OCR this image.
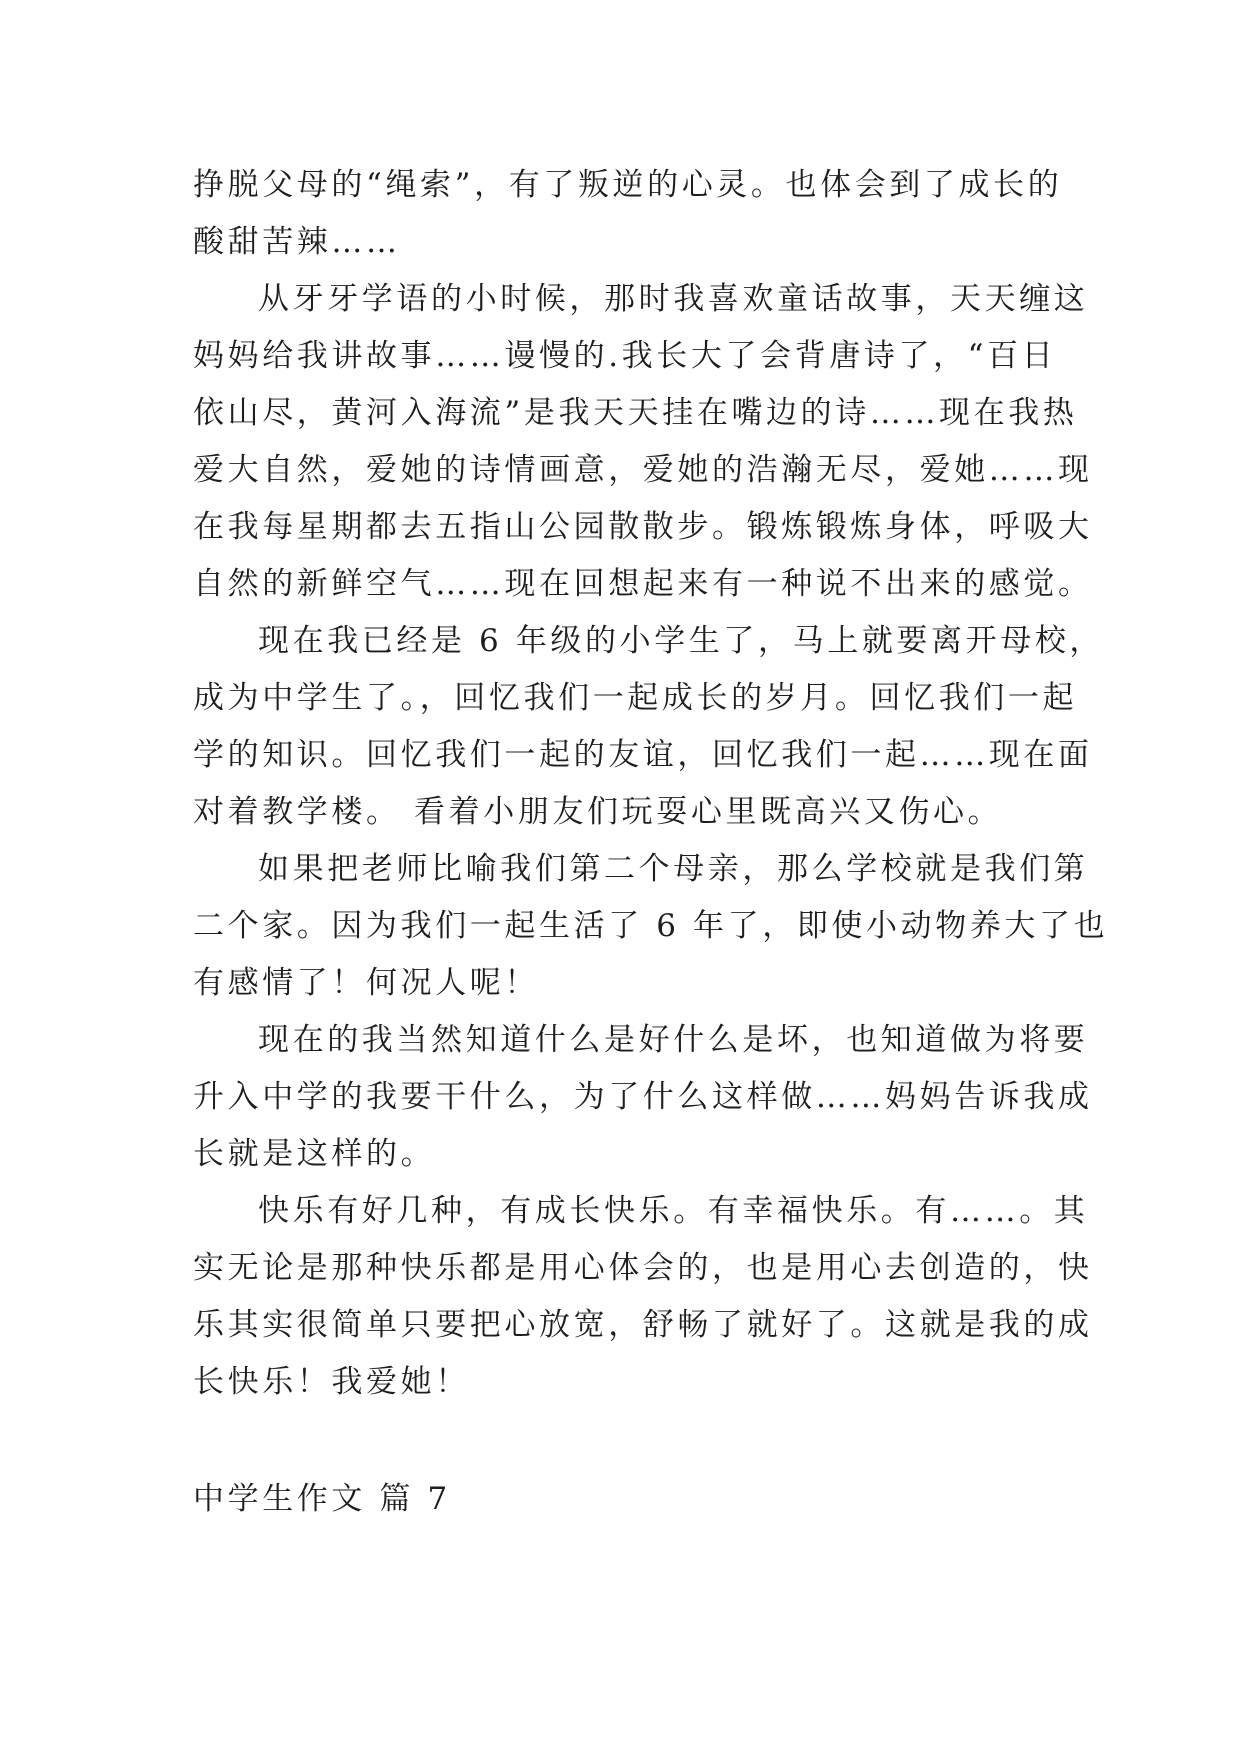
挣脱父母的“绳索”，有了叛逆的心灵。也体会到了成长的
酸甜苦辣……
从牙牙学语的小时候，那时我喜欢童话故事，天天缠这
妈妈给我讲故事……谩慢的.我长大了会背唐诗了，“百日
依山尽，黄河入海流”是我天天挂在嘴边的诗……现在我热
爱大自然，爱她的诗情画意，爱她的浩瀚无尽，爱她……现
在我每星期都去五指山公园散散步。锻炼锻炼身体，呼吸大
自然的新鲜空气……现在回想起来有一种说不出来的感觉。
现在我已经是 6 年级的小学生了，马上就要离开母校，
成为中学生了。，回忆我们一起成长的岁月。回忆我们一起
学的知识。回忆我们一起的友谊，回忆我们一起……现在面
对着教学楼。 看着小朋友们玩耍心里既高兴又伤心。
如果把老师比喻我们第二个母亲，那么学校就是我们第
二个家。因为我们一起生活了 6 年了，即使小动物养大了也
有感情了！何况人呢！
现在的我当然知道什么是好什么是坏，也知道做为将要
升入中学的我要干什么，为了什么这样做……妈妈告诉我成
长就是这样的。
快乐有好几种，有成长快乐。有幸福快乐。有……。其
实无论是那种快乐都是用心体会的，也是用心去创造的，快
乐其实很简单只要把心放宽，舒畅了就好了。这就是我的成
长快乐！我爱她！
中学生作文 篇 7
